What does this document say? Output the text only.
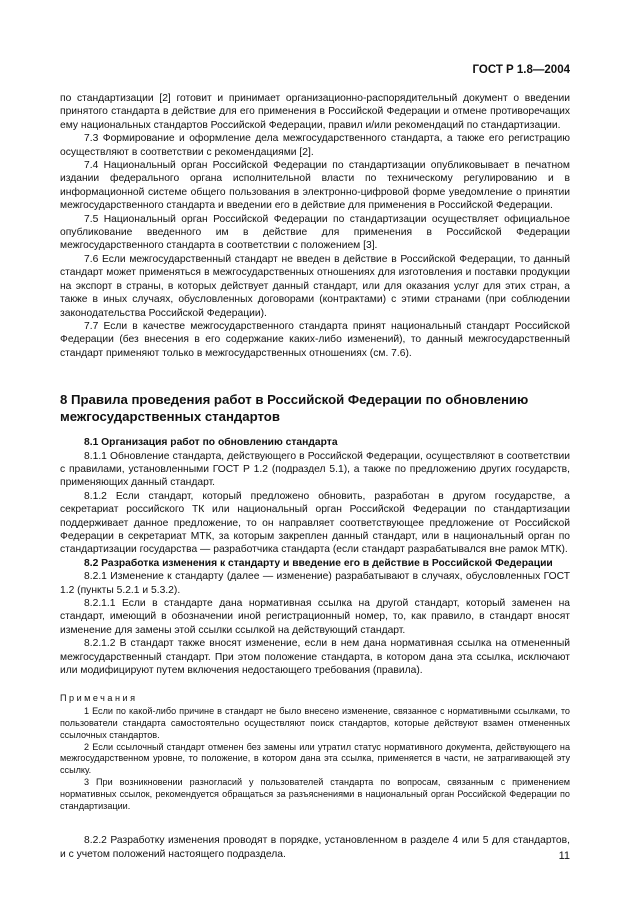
ГОСТ Р 1.8—2004

по стандартизации [2] готовит и принимает организационно-распорядительный документ о введении принятого стандарта в действие для его применения в Российской Федерации и отмене противоречащих ему национальных стандартов Российской Федерации, правил и/или рекомендаций по стандартизации.

7.3 Формирование и оформление дела межгосударственного стандарта, а также его регистрацию осуществляют в соответствии с рекомендациями [2].

7.4 Национальный орган Российской Федерации по стандартизации опубликовывает в печатном издании федерального органа исполнительной власти по техническому регулированию и в информационной системе общего пользования в электронно-цифровой форме уведомление о принятии межгосударственного стандарта и введении его в действие для применения в Российской Федерации.

7.5 Национальный орган Российской Федерации по стандартизации осуществляет официальное опубликование введенного им в действие для применения в Российской Федерации межгосударственного стандарта в соответствии с положением [3].

7.6 Если межгосударственный стандарт не введен в действие в Российской Федерации, то данный стандарт может применяться в межгосударственных отношениях для изготовления и поставки продукции на экспорт в страны, в которых действует данный стандарт, или для оказания услуг для этих стран, а также в иных случаях, обусловленных договорами (контрактами) с этими странами (при соблюдении законодательства Российской Федерации).

7.7 Если в качестве межгосударственного стандарта принят национальный стандарт Российской Федерации (без внесения в его содержание каких-либо изменений), то данный межгосударственный стандарт применяют только в межгосударственных отношениях (см. 7.6).

8 Правила проведения работ в Российской Федерации по обновлению межгосударственных стандартов

8.1 Организация работ по обновлению стандарта

8.1.1 Обновление стандарта, действующего в Российской Федерации, осуществляют в соответствии с правилами, установленными ГОСТ Р 1.2 (подраздел 5.1), а также по предложению других государств, применяющих данный стандарт.

8.1.2 Если стандарт, который предложено обновить, разработан в другом государстве, а секретариат российского ТК или национальный орган Российской Федерации по стандартизации поддерживает данное предложение, то он направляет соответствующее предложение от Российской Федерации в секретариат МТК, за которым закреплен данный стандарт, или в национальный орган по стандартизации государства — разработчика стандарта (если стандарт разрабатывался вне рамок МТК).

8.2 Разработка изменения к стандарту и введение его в действие в Российской Федерации

8.2.1 Изменение к стандарту (далее — изменение) разрабатывают в случаях, обусловленных ГОСТ 1.2 (пункты 5.2.1 и 5.3.2).

8.2.1.1 Если в стандарте дана нормативная ссылка на другой стандарт, который заменен на стандарт, имеющий в обозначении иной регистрационный номер, то, как правило, в стандарт вносят изменение для замены этой ссылки ссылкой на действующий стандарт.

8.2.1.2 В стандарт также вносят изменение, если в нем дана нормативная ссылка на отмененный межгосударственный стандарт. При этом положение стандарта, в котором дана эта ссылка, исключают или модифицируют путем включения недостающего требования (правила).

Примечания

1 Если по какой-либо причине в стандарт не было внесено изменение, связанное с нормативными ссылками, то пользователи стандарта самостоятельно осуществляют поиск стандартов, которые действуют взамен отмененных ссылочных стандартов.

2 Если ссылочный стандарт отменен без замены или утратил статус нормативного документа, действующего на межгосударственном уровне, то положение, в котором дана эта ссылка, применяется в части, не затрагивающей эту ссылку.

3 При возникновении разногласий у пользователей стандарта по вопросам, связанным с применением нормативных ссылок, рекомендуется обращаться за разъяснениями в национальный орган Российской Федерации по стандартизации.

8.2.2 Разработку изменения проводят в порядке, установленном в разделе 4 или 5 для стандартов, и с учетом положений настоящего подраздела.	11
